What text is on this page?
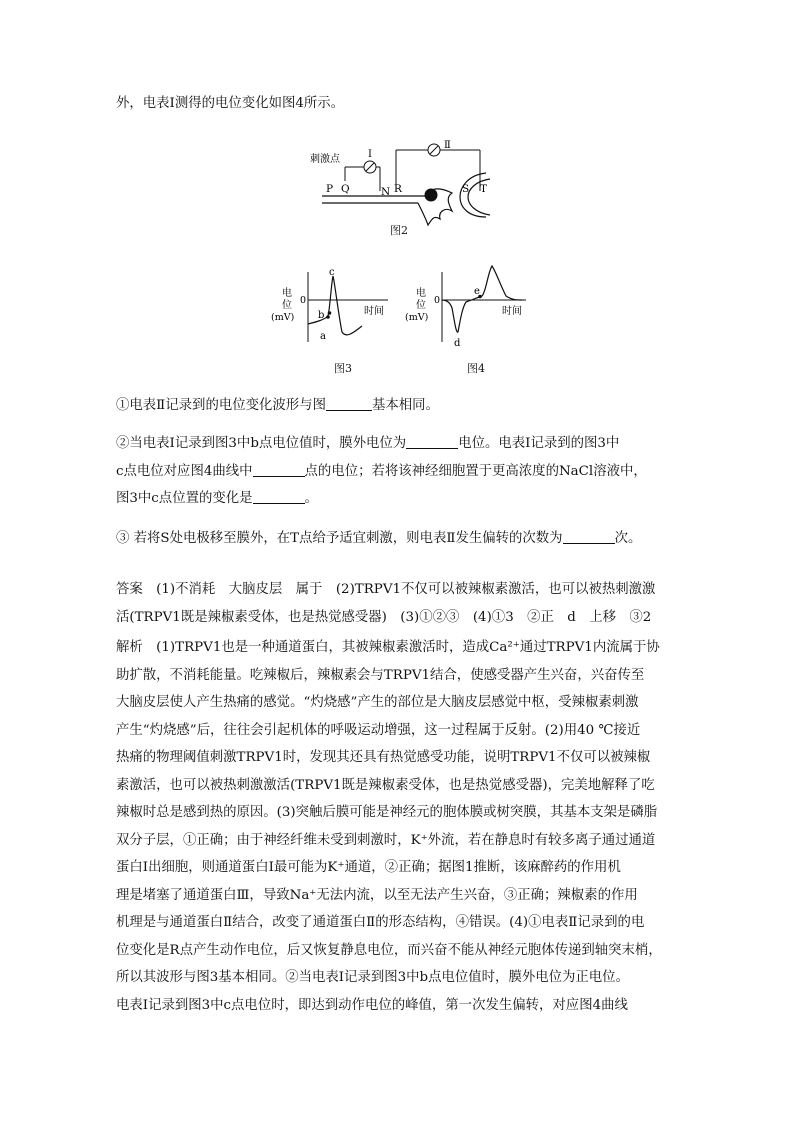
外，电表Ⅰ测得的电位变化如图4所示。

刺激点	Ⅰ
Ⅱ
P Q	N R	S T
图2
电
位
(mV)
0
时间
c
b
a
图3
电
位
(mV)
0
时间
e
d
图4

①电表Ⅱ记录到的电位变化波形与图	基本相同。

②当电表Ⅰ记录到图3中b点电位值时，膜外电位为	电位。电表Ⅰ记录到的图3中
c点电位对应图4曲线中	点的电位；若将该神经细胞置于更高浓度的NaCl溶液中，
图3中c点位置的变化是	。

③ 若将S处电极移至膜外，在T点给予适宜刺激，则电表Ⅱ发生偏转的次数为	次。

答案　(1)不消耗　大脑皮层　属于　(2)TRPV1不仅可以被辣椒素激活，也可以被热刺激激
活(TRPV1既是辣椒素受体，也是热觉感受器)　(3)①②③　(4)①3　②正　d　上移　③2

解析　(1)TRPV1也是一种通道蛋白，其被辣椒素激活时，造成Ca²⁺通过TRPV1内流属于协
助扩散，不消耗能量。吃辣椒后，辣椒素会与TRPV1结合，使感受器产生兴奋，兴奋传至
大脑皮层使人产生热痛的感觉。“灼烧感”产生的部位是大脑皮层感觉中枢，受辣椒素刺激
产生“灼烧感”后，往往会引起机体的呼吸运动增强，这一过程属于反射。(2)用40 ℃接近
热痛的物理阈值刺激TRPV1时，发现其还具有热觉感受功能，说明TRPV1不仅可以被辣椒
素激活，也可以被热刺激激活(TRPV1既是辣椒素受体，也是热觉感受器)，完美地解释了吃
辣椒时总是感到热的原因。(3)突触后膜可能是神经元的胞体膜或树突膜，其基本支架是磷脂
双分子层，①正确；由于神经纤维未受到刺激时，K⁺外流，若在静息时有较多离子通过通道
蛋白Ⅰ出细胞，则通道蛋白Ⅰ最可能为K⁺通道，②正确；据图1推断，该麻醉药的作用机
理是堵塞了通道蛋白Ⅲ，导致Na⁺无法内流，以至无法产生兴奋，③正确；辣椒素的作用
机理是与通道蛋白Ⅱ结合，改变了通道蛋白Ⅱ的形态结构，④错误。(4)①电表Ⅱ记录到的电
位变化是R点产生动作电位，后又恢复静息电位，而兴奋不能从神经元胞体传递到轴突末梢，
所以其波形与图3基本相同。②当电表Ⅰ记录到图3中b点电位值时，膜外电位为正电位。
电表Ⅰ记录到图3中c点电位时，即达到动作电位的峰值，第一次发生偏转，对应图4曲线
